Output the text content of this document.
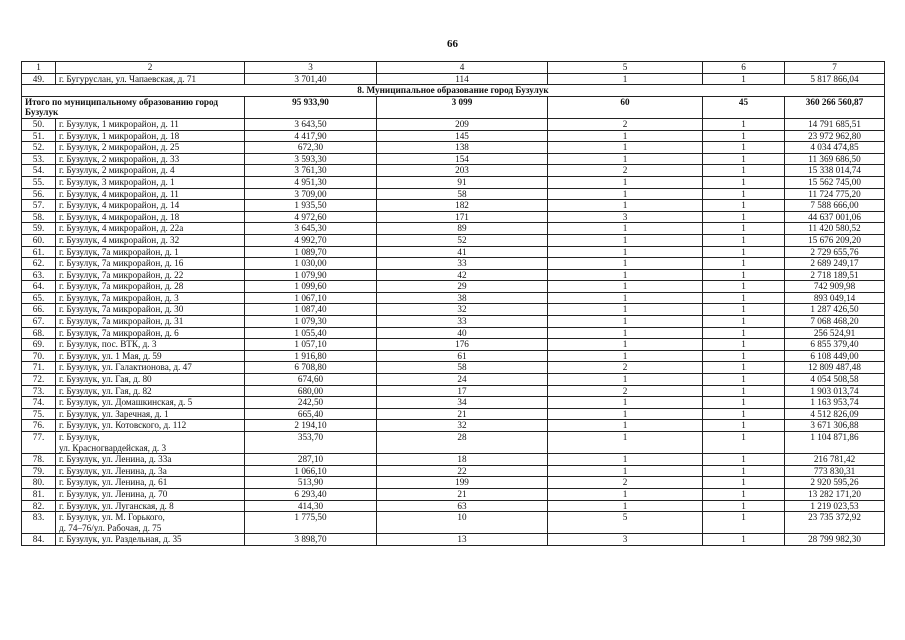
66
1	2	3	4	5	6	7
49.	г. Бугуруслан, ул. Чапаевская, д. 71	3 701,40	114	1	1	5 817 866,04
8. Муниципальное образование город Бузулук						
Итого по муниципальному образованию город Бузулук		95 933,90	3 099	60	45	360 266 560,87
50.	г. Бузулук, 1 микрорайон, д. 11	3 643,50	209	2	1	14 791 685,51
51.	г. Бузулук, 1 микрорайон, д. 18	4 417,90	145	1	1	23 972 962,80
52.	г. Бузулук, 2 микрорайон, д. 25	672,30	138	1	1	4 034 474,85
53.	г. Бузулук, 2 микрорайон, д. 33	3 593,30	154	1	1	11 369 686,50
54.	г. Бузулук, 2 микрорайон, д. 4	3 761,30	203	2	1	15 338 014,74
55.	г. Бузулук, 3 микрорайон, д. 1	4 951,30	91	1	1	15 562 745,00
56.	г. Бузулук, 4 микрорайон, д. 11	3 709,00	58	1	1	11 724 775,20
57.	г. Бузулук, 4 микрорайон, д. 14	1 935,50	182	1	1	7 588 666,00
58.	г. Бузулук, 4 микрорайон, д. 18	4 972,60	171	3	1	44 637 001,06
59.	г. Бузулук, 4 микрорайон, д. 22а	3 645,30	89	1	1	11 420 580,52
60.	г. Бузулук, 4 микрорайон, д. 32	4 992,70	52	1	1	15 676 209,20
61.	г. Бузулук, 7а микрорайон, д. 1	1 089,70	41	1	1	2 729 655,76
62.	г. Бузулук, 7а микрорайон, д. 16	1 030,00	33	1	1	2 689 249,17
63.	г. Бузулук, 7а микрорайон, д. 22	1 079,90	42	1	1	2 718 189,51
64.	г. Бузулук, 7а микрорайон, д. 28	1 099,60	29	1	1	742 909,98
65.	г. Бузулук, 7а микрорайон, д. 3	1 067,10	38	1	1	893 049,14
66.	г. Бузулук, 7а микрорайон, д. 30	1 087,40	32	1	1	1 287 426,50
67.	г. Бузулук, 7а микрорайон, д. 31	1 079,30	33	1	1	7 068 468,20
68.	г. Бузулук, 7а микрорайон, д. 6	1 055,40	40	1	1	256 524,91
69.	г. Бузулук, пос. ВТК, д. 3	1 057,10	176	1	1	6 855 379,40
70.	г. Бузулук, ул. 1 Мая, д. 59	1 916,80	61	1	1	6 108 449,00
71.	г. Бузулук, ул. Галактионова, д. 47	6 708,80	58	2	1	12 809 487,48
72.	г. Бузулук, ул. Гая, д. 80	674,60	24	1	1	4 054 508,58
73.	г. Бузулук, ул. Гая, д. 82	680,00	17	2	1	1 903 013,74
74.	г. Бузулук, ул. Домашкинская, д. 5	242,50	34	1	1	1 163 953,74
75.	г. Бузулук, ул. Заречная, д. 1	665,40	21	1	1	4 512 826,09
76.	г. Бузулук, ул. Котовского, д. 112	2 194,10	32	1	1	3 671 306,88
77.	г. Бузулук,
ул. Красногвардейская, д. 3	353,70	28	1	1	1 104 871,86
78.	г. Бузулук, ул. Ленина, д. 33а	287,10	18	1	1	216 781,42
79.	г. Бузулук, ул. Ленина, д. 3а	1 066,10	22	1	1	773 830,31
80.	г. Бузулук, ул. Ленина, д. 61	513,90	199	2	1	2 920 595,26
81.	г. Бузулук, ул. Ленина, д. 70	6 293,40	21	1	1	13 282 171,20
82.	г. Бузулук, ул. Луганская, д. 8	414,30	63	1	1	1 219 023,53
83.	г. Бузулук, ул. М. Горького,
д. 74–76/ул. Рабочая, д. 75	1 775,50	10	5	1	23 735 372,92
84.	г. Бузулук, ул. Раздельная, д. 35	3 898,70	13	3	1	28 799 982,30
